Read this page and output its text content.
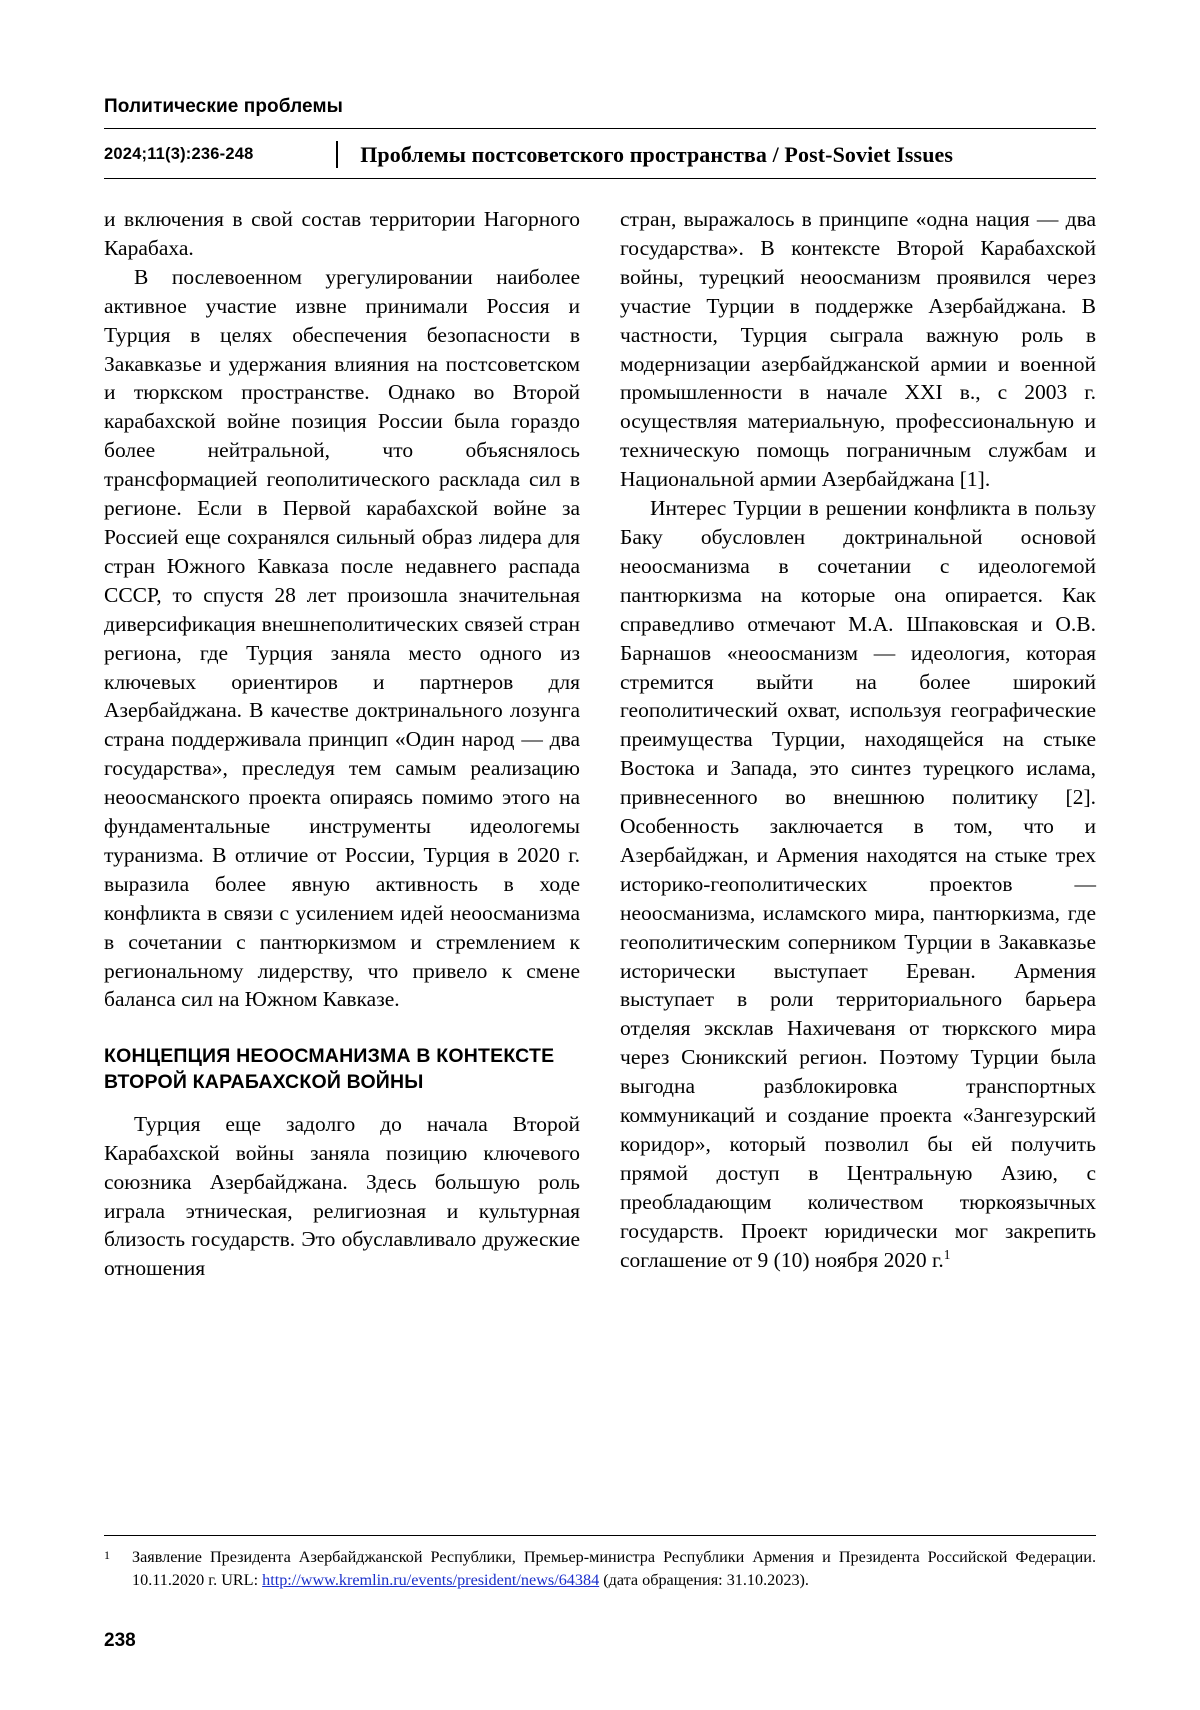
Политические проблемы
2024;11(3):236-248	Проблемы постсоветского пространства / Post-Soviet Issues

и включения в свой состав территории Нагорного Карабаха.

В послевоенном урегулировании наиболее активное участие извне принимали Россия и Турция в целях обеспечения безопасности в Закавказье и удержания влияния на постсоветском и тюркском пространстве. Однако во Второй карабахской войне позиция России была гораздо более нейтральной, что объяснялось трансформацией геополитического расклада сил в регионе. Если в Первой карабахской войне за Россией еще сохранялся сильный образ лидера для стран Южного Кавказа после недавнего распада СССР, то спустя 28 лет произошла значительная диверсификация внешнеполитических связей стран региона, где Турция заняла место одного из ключевых ориентиров и партнеров для Азербайджана. В качестве доктринального лозунга страна поддерживала принцип «Один народ — два государства», преследуя тем самым реализацию неоосманского проекта опираясь помимо этого на фундаментальные инструменты идеологемы туранизма. В отличие от России, Турция в 2020 г. выразила более явную активность в ходе конфликта в связи с усилением идей неоосманизма в сочетании с пантюркизмом и стремлением к региональному лидерству, что привело к смене баланса сил на Южном Кавказе.

КОНЦЕПЦИЯ НЕООСМАНИЗМА В КОНТЕКСТЕ ВТОРОЙ КАРАБАХСКОЙ ВОЙНЫ

Турция еще задолго до начала Второй Карабахской войны заняла позицию ключевого союзника Азербайджана. Здесь большую роль играла этническая, религиозная и культурная близость государств. Это обуславливало дружеские отношения

стран, выражалось в принципе «одна нация — два государства». В контексте Второй Карабахской войны, турецкий неоосманизм проявился через участие Турции в поддержке Азербайджана. В частности, Турция сыграла важную роль в модернизации азербайджанской армии и военной промышленности в начале XXI в., с 2003 г. осуществляя материальную, профессиональную и техническую помощь пограничным службам и Национальной армии Азербайджана [1].

Интерес Турции в решении конфликта в пользу Баку обусловлен доктринальной основой неоосманизма в сочетании с идеологемой пантюркизма на которые она опирается. Как справедливо отмечают М.А. Шпаковская и О.В. Барнашов «неоосманизм — идеология, которая стремится выйти на более широкий геополитический охват, используя географические преимущества Турции, находящейся на стыке Востока и Запада, это синтез турецкого ислама, привнесенного во внешнюю политику [2]. Особенность заключается в том, что и Азербайджан, и Армения находятся на стыке трех историко-геополитических проектов — неоосманизма, исламского мира, пантюркизма, где геополитическим соперником Турции в Закавказье исторически выступает Ереван. Армения выступает в роли территориального барьера отделяя эксклав Нахичеваня от тюркского мира через Сюникский регион. Поэтому Турции была выгодна разблокировка транспортных коммуникаций и создание проекта «Зангезурский коридор», который позволил бы ей получить прямой доступ в Центральную Азию, с преобладающим количеством тюркоязычных государств. Проект юридически мог закрепить соглашение от 9 (10) ноября 2020 г.$^1$

1	Заявление Президента Азербайджанской Республики, Премьер-министра Республики Армения и Президента Российской Федерации. 10.11.2020 г. URL: http://www.kremlin.ru/events/president/news/64384 (дата обращения: 31.10.2023).
238
